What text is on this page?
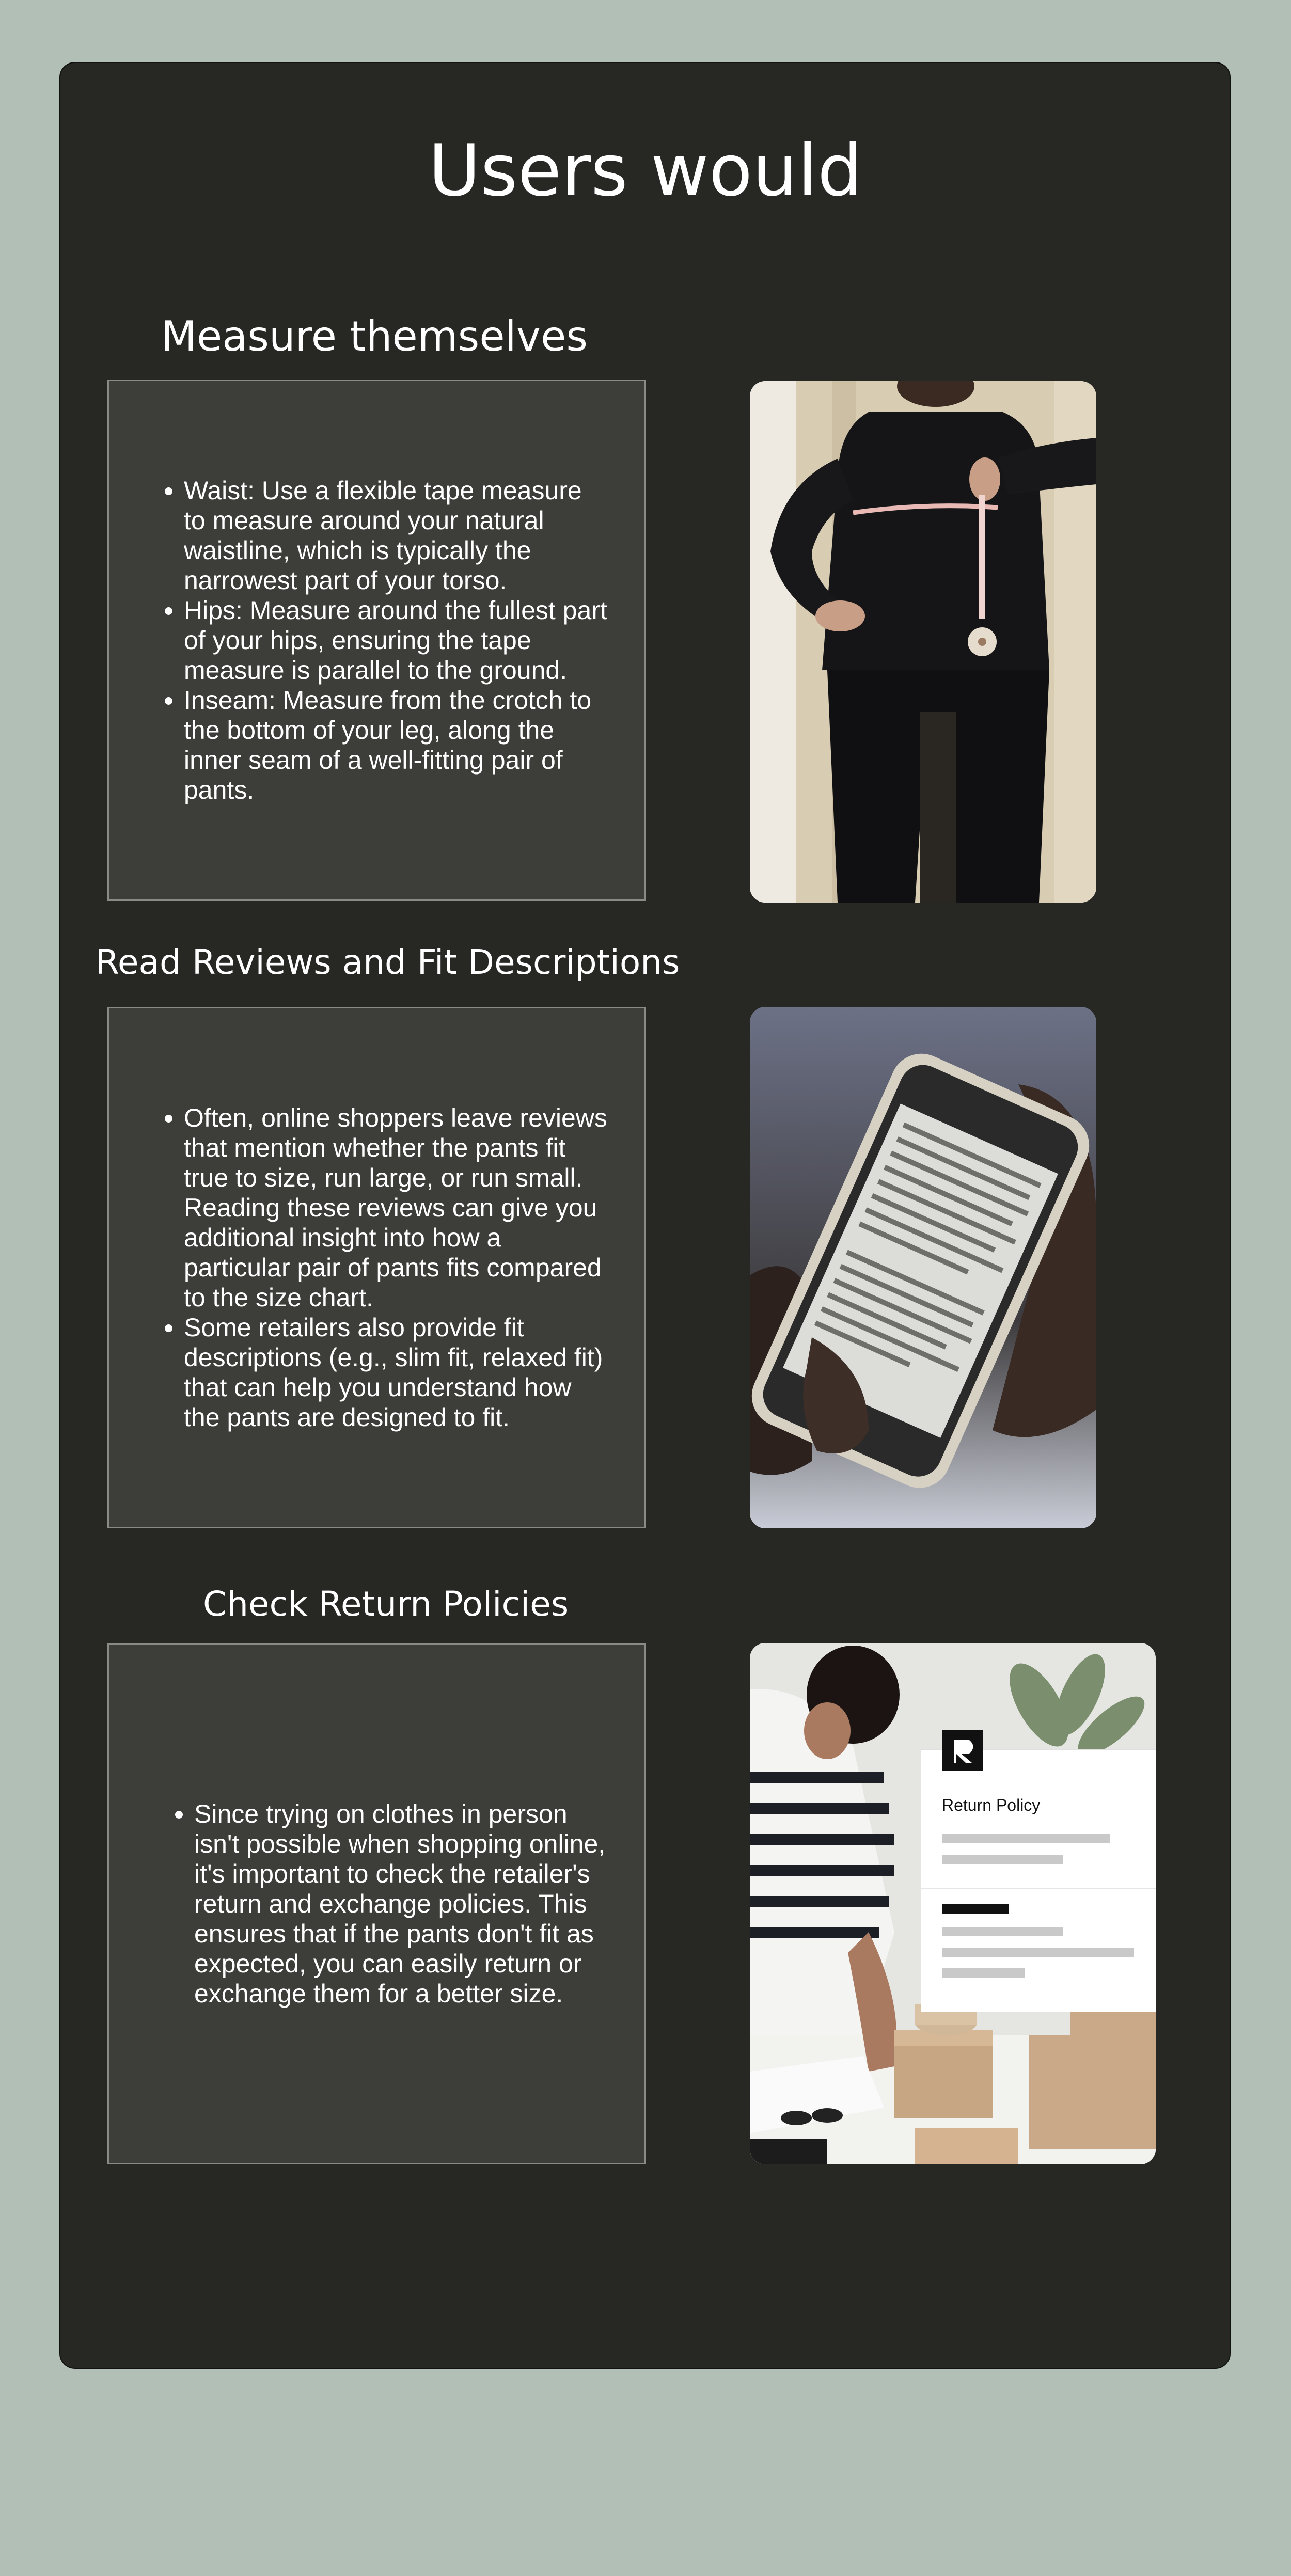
Users would
Measure themselves
• Waist: Use a flexible tape measure to measure around your natural waistline, which is typically the narrowest part of your torso.
• Hips: Measure around the fullest part of your hips, ensuring the tape measure is parallel to the ground.
• Inseam: Measure from the crotch to the bottom of your leg, along the inner seam of a well-fitting pair of pants.
Read Reviews and Fit Descriptions
• Often, online shoppers leave reviews that mention whether the pants fit true to size, run large, or run small. Reading these reviews can give you additional insight into how a particular pair of pants fits compared to the size chart.
• Some retailers also provide fit descriptions (e.g., slim fit, relaxed fit) that can help you understand how the pants are designed to fit.
Check Return Policies
• Since trying on clothes in person isn't possible when shopping online, it's important to check the retailer's return and exchange policies. This ensures that if the pants don't fit as expected, you can easily return or exchange them for a better size.
Return Policy
